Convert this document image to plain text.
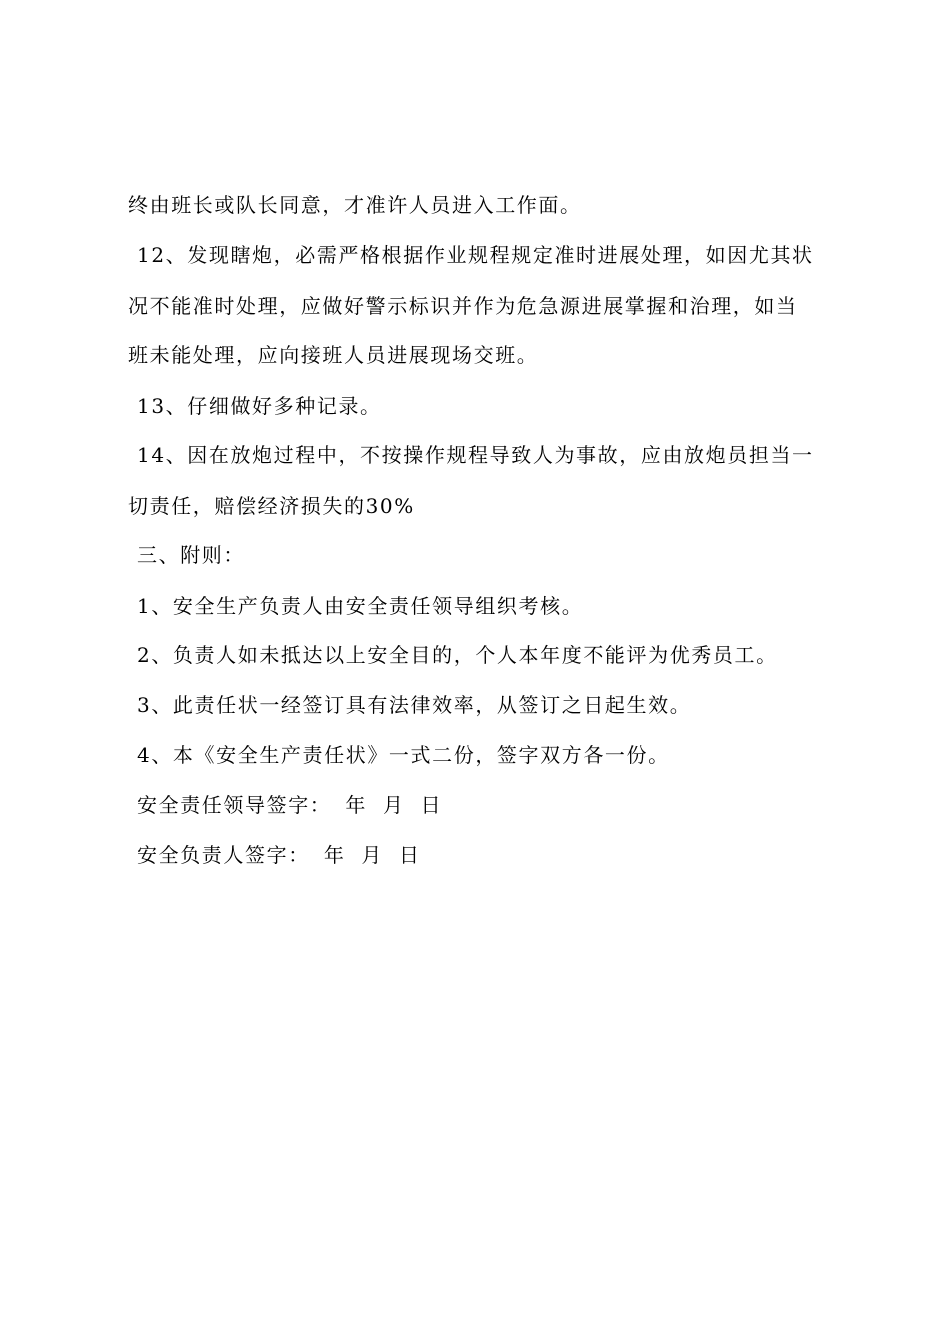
终由班长或队长同意，才准许人员进入工作面。
12、发现瞎炮，必需严格根据作业规程规定准时进展处理，如因尤其状
况不能准时处理，应做好警示标识并作为危急源进展掌握和治理，如当
班未能处理，应向接班人员进展现场交班。
13、仔细做好多种记录。
14、因在放炮过程中，不按操作规程导致人为事故，应由放炮员担当一
切责任，赔偿经济损失的30%
三、附则：
1、安全生产负责人由安全责任领导组织考核。
2、负责人如未抵达以上安全目的，个人本年度不能评为优秀员工。
3、此责任状一经签订具有法律效率，从签订之日起生效。
4、本《安全生产责任状》一式二份，签字双方各一份。
安全责任领导签字： 年 月 日
安全负责人签字： 年 月 日
